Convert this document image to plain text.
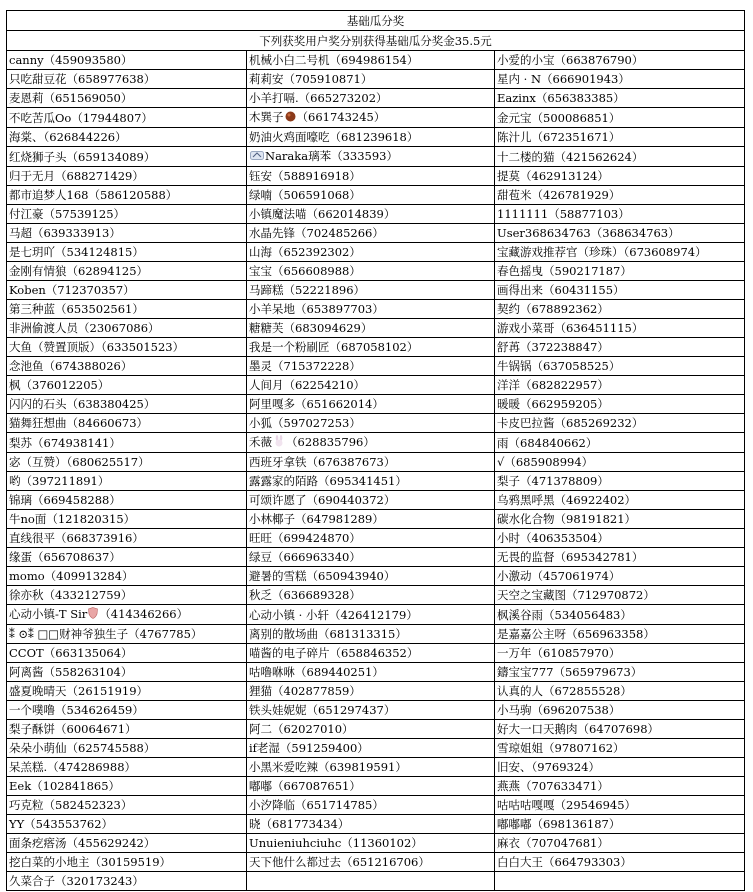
基础瓜分奖		
下列获奖用户奖分别获得基础瓜分奖金35.5元		
canny（459093580）	机械小白二号机（694986154）	小爱的小宝（663876790）
只吃甜豆花（658977638）	莉莉安（705910871）	星内 · N（666901943）
麦恩莉（651569050）	小羊打嗝.（665273202）	Eazinx（656383385）
不吃苦瓜Oo（17944807）	木巽子 （661743245）	金元宝（500086851）
海棠、（626844226）	奶油火鸡面嚎吃（681239618）	陈汁儿（672351671）
红烧狮子头（659134089）	Naraka璃苯（333593）	十二楼的猫（421562624）
归于无月（688271429）	钰安（588916918）	提莫（462913124）
都市追梦人168（586120588）	绿喃（506591068）	甜苞米（426781929）
付江豪（57539125）	小镇魔法喵（662014839）	1111111（58877103）
马超（639333913）	水晶先锋（702485266）	User368634763（368634763）
是七玥吖（534124815）	山海（652392302）	宝藏游戏推荐官（珍珠）（673608974）
金刚有情狼（62894125）	宝宝（656608988）	春色摇曳（590217187）
Koben（712370357）	马蹄糕（52221896）	画得出来（60431155）
第三种蓝（653502561）	小羊呆地（653897703）	契约（678892362）
非洲偷渡人员（23067086）	糖糖芙（683094629）	游戏小菜哥（636451115）
大鱼（赞置顶版）（633501523）	我是一个粉刷匠（687058102）	舒苒（372238847）
念池鱼（674388026）	墨灵（715372228）	牛锅锅（637058525）
枫（376012205）	人间月（62254210）	洋洋（682822957）
闪闪的石头（638380425）	阿里嘎多（651662014）	暖暖（662959205）
猫舞狂想曲（84660673）	小狐（597027253）	卡皮巴拉酱（685269232）
梨苏（674938141）	禾薇 （628835796）	雨（684840662）
宓（互赞）（680625517）	西班牙拿铁（676387673）	√（685908994）
哟（397211891）	露露家的陌路（695341451）	梨子（471378809）
锦璃（669458288）	可颂许愿了（690440372）	乌鸦黑呼黑（46922402）
牛no面（121820315）	小林椰子（647981289）	碳水化合物（98191821）
直线很平（668373916）	旺旺（699424870）	小时（406353504）
缘蛋（656708637）	绿豆（666963340）	无畏的监督（695342781）
momo（409913284）	避暑的雪糕（650943940）	小激动（457061974）
徐亦秋（433212759）	秋乏（636689328）	天空之宝藏图（712970872）
心动小镇-T Sir （414346266）	心动小镇 · 小轩（426412179）	枫溪谷雨（534056483）
⁑ ⊙⁑ □□财神爷独生子（4767785）	离别的散场曲（681313315）	是嘉嘉公主呀（656963358）
CCOT（663135064）	喵酱的电子碎片（658846352）	一万年（610857970）
阿离酱（558263104）	咕噜咻咻（689440251）	鑄宝宝777（565979673）
盛夏晚晴天（26151919）	狸猫（402877859）	认真的人（672855528）
一个噗噜（534626459）	铁头娃妮妮（651297437）	小马驹（696207538）
梨子酥饼（60064671）	阿二（62027010）	好大一口天鹅肉（64707698）
朵朵小萌仙（625745588）	if老湿（591259400）	雪琼姐姐（97807162）
呆羔糕.（474286988）	小黑米爱吃辣（639819591）	旧安、（9769324）
Eek（102841865）	嘟嘟（667087651）	燕燕（707633471）
巧克粒（582452323）	小汐降临（651714785）	咕咕咕嘎嘎（29546945）
YY（543553762）	晓（681773434）	嘟嘟嘟（698136187）
面条疙瘩汤（455629242）	Unuieniuhciuhc（11360102）	麻衣（707047681）
挖白菜的小地主（30159519）	天下他什么都过去（651216706）	白白大王（664793303）
久菜合子（320173243）		
